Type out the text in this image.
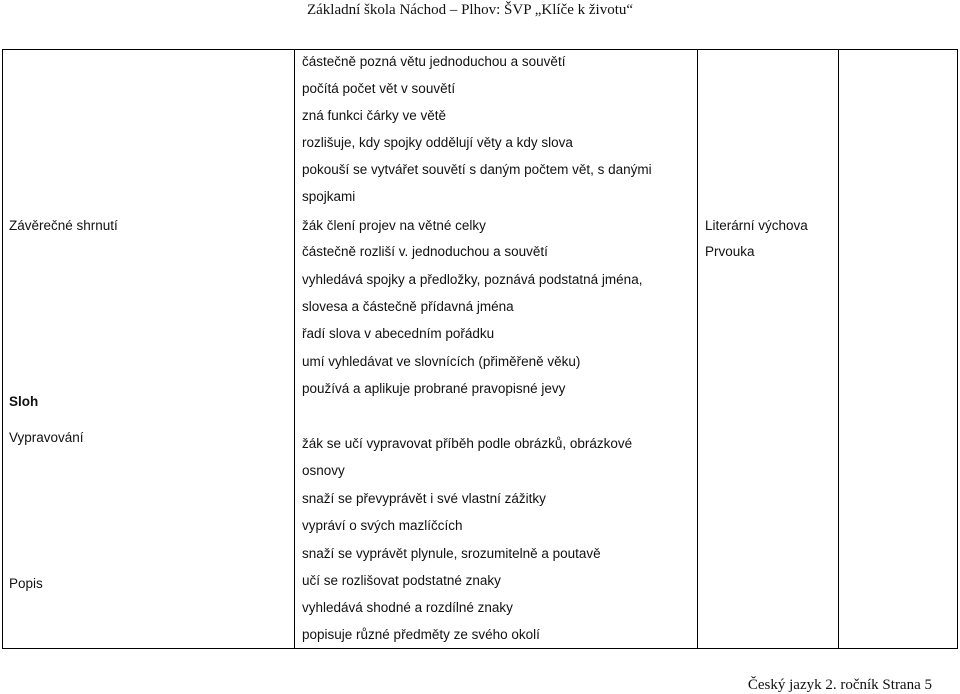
Základní škola Náchod – Plhov: ŠVP „Klíče k životu“
Závěrečné shrnutí
Sloh
Vypravování
Popis
částečně pozná větu jednoduchou a souvětí
počítá počet vět v souvětí
zná funkci čárky ve větě
rozlišuje, kdy spojky oddělují věty a kdy slova
pokouší se vytvářet souvětí s daným počtem vět, s danými
spojkami
žák člení projev na větné celky
částečně rozliší v. jednoduchou a souvětí
vyhledává spojky a předložky, poznává podstatná jména,
slovesa a částečně přídavná jména
řadí slova v abecedním pořádku
umí vyhledávat ve slovnících (přiměřeně věku)
používá a aplikuje probrané pravopisné jevy
žák se učí vypravovat příběh podle obrázků, obrázkové
osnovy
snaží se převyprávět i své vlastní zážitky
vypráví o svých mazlíčcích
snaží se vyprávět plynule, srozumitelně a poutavě
učí se rozlišovat podstatné znaky
vyhledává shodné a rozdílné znaky
popisuje různé předměty ze svého okolí
Literární výchova
Prvouka
Český jazyk 2. ročník Strana 5
